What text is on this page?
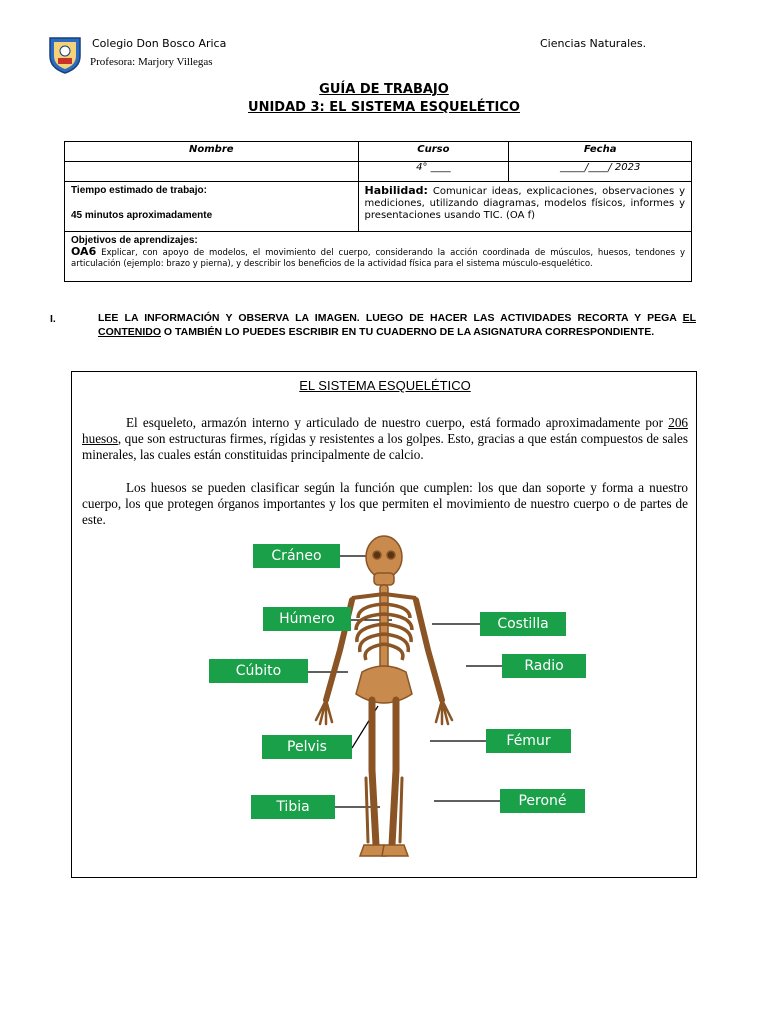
Colegio Don Bosco Arica
Profesora: Marjory Villegas
Ciencias Naturales.
GUÍA DE TRABAJO
UNIDAD 3: EL SISTEMA ESQUELÉTICO
Nombre	Curso	Fecha
	4° ____	_____/____/ 2023

Tiempo estimado de trabajo:
45 minutos aproximadamente	Habilidad: Comunicar ideas, explicaciones, observaciones y mediciones, utilizando diagramas, modelos físicos, informes y presentaciones usando TIC. (OA f)	

Objetivos de aprendizajes:
OA6 Explicar, con apoyo de modelos, el movimiento del cuerpo, considerando la acción coordinada de músculos, huesos, tendones y articulación (ejemplo: brazo y pierna), y describir los beneficios de la actividad física para el sistema músculo-esquelético.		
I.	LEE LA INFORMACIÓN Y OBSERVA LA IMAGEN. LUEGO DE HACER LAS ACTIVIDADES RECORTA Y PEGA EL CONTENIDO O TAMBIÉN LO PUEDES ESCRIBIR EN TU CUADERNO DE LA ASIGNATURA CORRESPONDIENTE.
EL SISTEMA ESQUELÉTICO
El esqueleto, armazón interno y articulado de nuestro cuerpo, está formado aproximadamente por 206 huesos, que son estructuras firmes, rígidas y resistentes a los golpes. Esto, gracias a que están compuestos de sales minerales, las cuales están constituidas principalmente de calcio.
Los huesos se pueden clasificar según la función que cumplen: los que dan soporte y forma a nuestro cuerpo, los que protegen órganos importantes y los que permiten el movimiento de nuestro cuerpo o de partes de este.
Cráneo
Húmero
Cúbito
Pelvis
Tibia
Costilla
Radio
Fémur
Peroné
